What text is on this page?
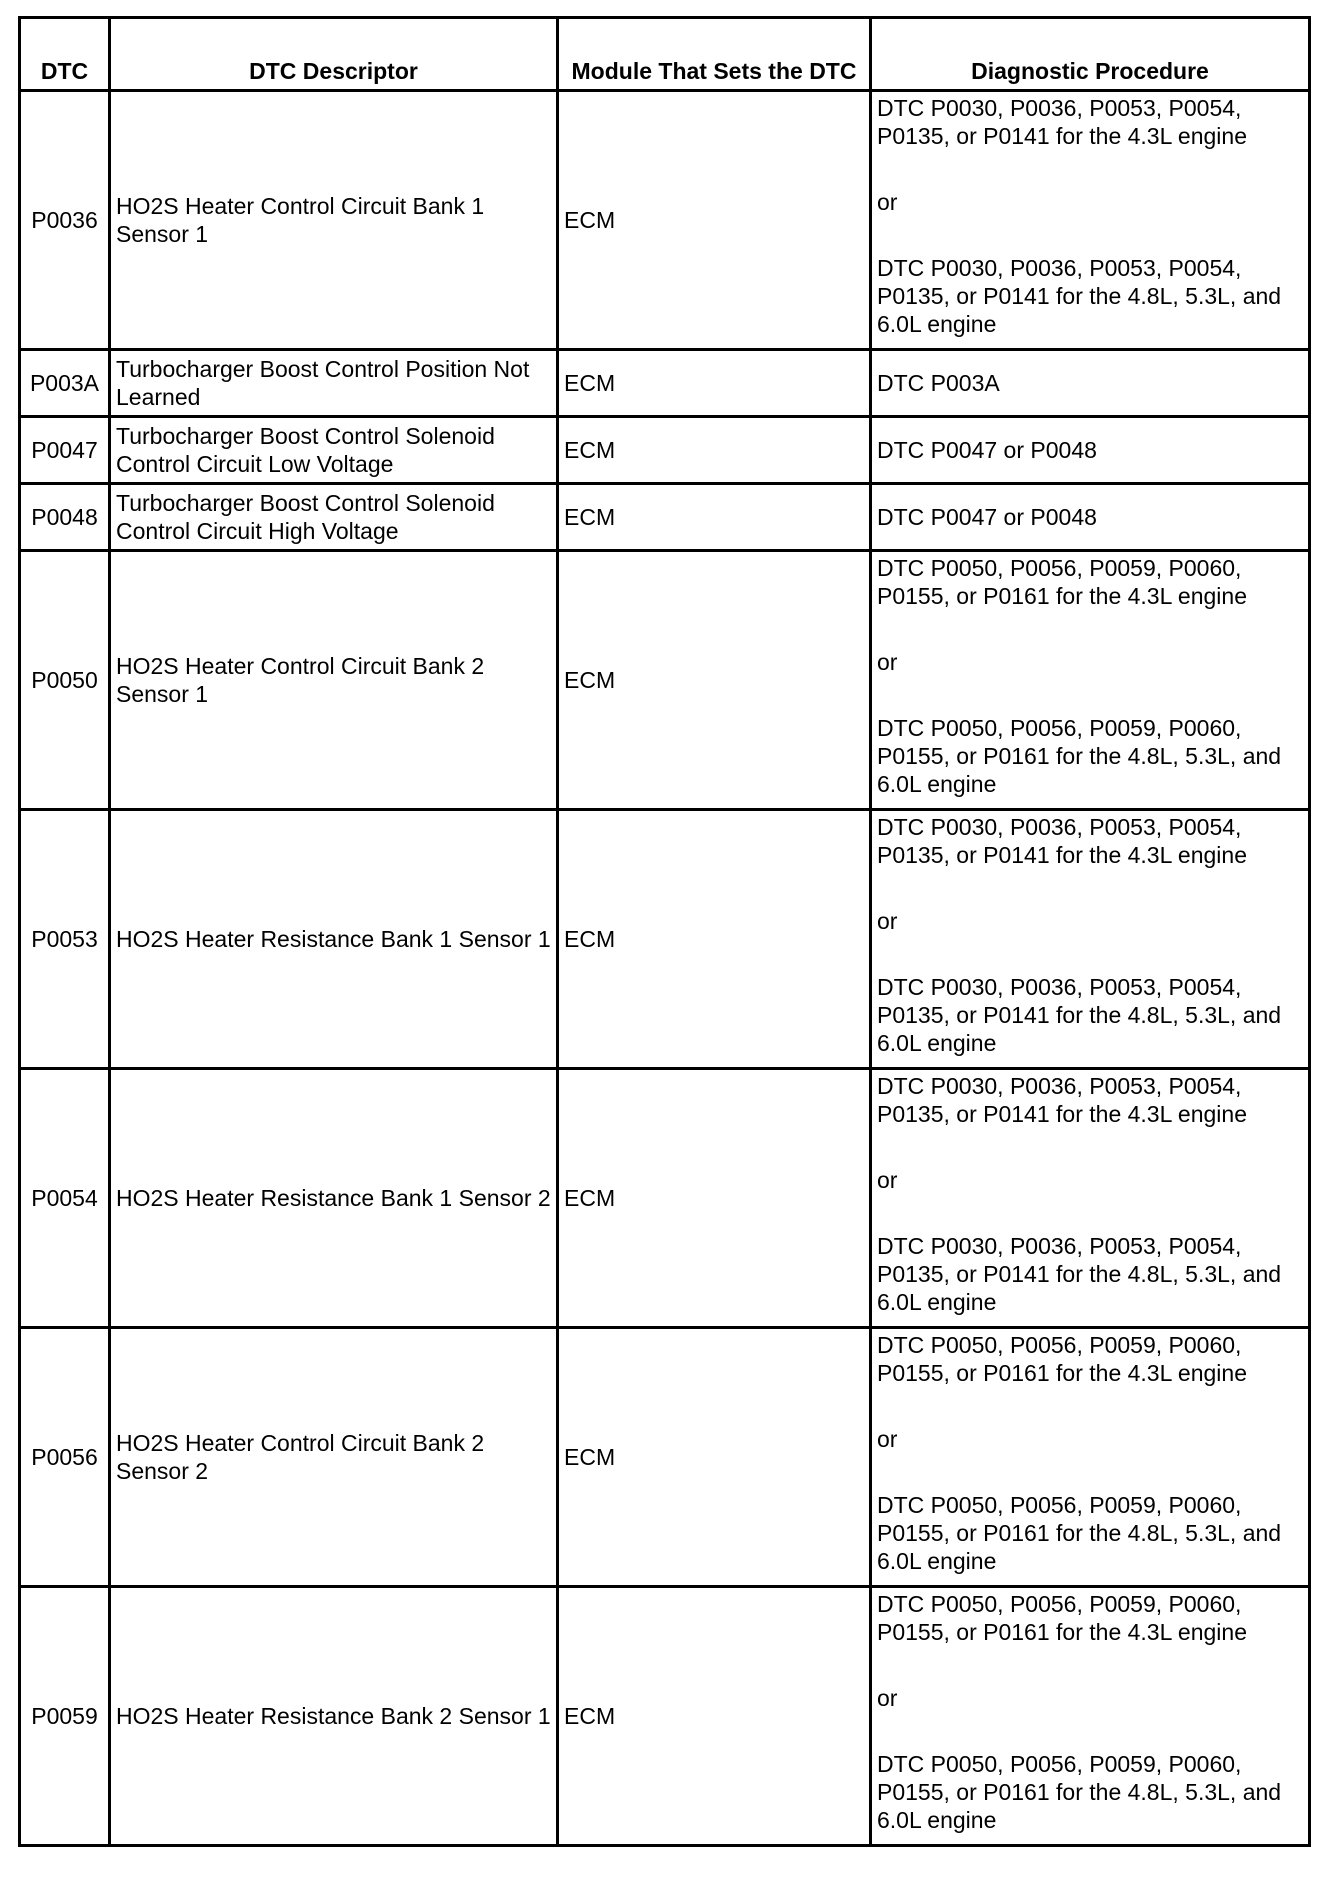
DTC	DTC Descriptor	Module That Sets the DTC	Diagnostic Procedure
P0036	HO2S Heater Control Circuit Bank 1 Sensor 1	ECM	DTC P0030, P0036, P0053, P0054, P0135, or P0141 for the 4.3L engine
or
DTC P0030, P0036, P0053, P0054, P0135, or P0141 for the 4.8L, 5.3L, and 6.0L engine

P003A	Turbocharger Boost Control Position Not Learned	ECM	DTC P003A
P0047	Turbocharger Boost Control Solenoid Control Circuit Low Voltage	ECM	DTC P0047 or P0048
P0048	Turbocharger Boost Control Solenoid Control Circuit High Voltage	ECM	DTC P0047 or P0048
P0050	HO2S Heater Control Circuit Bank 2 Sensor 1	ECM	DTC P0050, P0056, P0059, P0060, P0155, or P0161 for the 4.3L engine
or
DTC P0050, P0056, P0059, P0060, P0155, or P0161 for the 4.8L, 5.3L, and 6.0L engine

P0053	HO2S Heater Resistance Bank 1 Sensor 1	ECM	DTC P0030, P0036, P0053, P0054, P0135, or P0141 for the 4.3L engine
or
DTC P0030, P0036, P0053, P0054, P0135, or P0141 for the 4.8L, 5.3L, and 6.0L engine

P0054	HO2S Heater Resistance Bank 1 Sensor 2	ECM	DTC P0030, P0036, P0053, P0054, P0135, or P0141 for the 4.3L engine
or
DTC P0030, P0036, P0053, P0054, P0135, or P0141 for the 4.8L, 5.3L, and 6.0L engine

P0056	HO2S Heater Control Circuit Bank 2 Sensor 2	ECM	DTC P0050, P0056, P0059, P0060, P0155, or P0161 for the 4.3L engine
or
DTC P0050, P0056, P0059, P0060, P0155, or P0161 for the 4.8L, 5.3L, and 6.0L engine

P0059	HO2S Heater Resistance Bank 2 Sensor 1	ECM	DTC P0050, P0056, P0059, P0060, P0155, or P0161 for the 4.3L engine
or
DTC P0050, P0056, P0059, P0060, P0155, or P0161 for the 4.8L, 5.3L, and 6.0L engine
